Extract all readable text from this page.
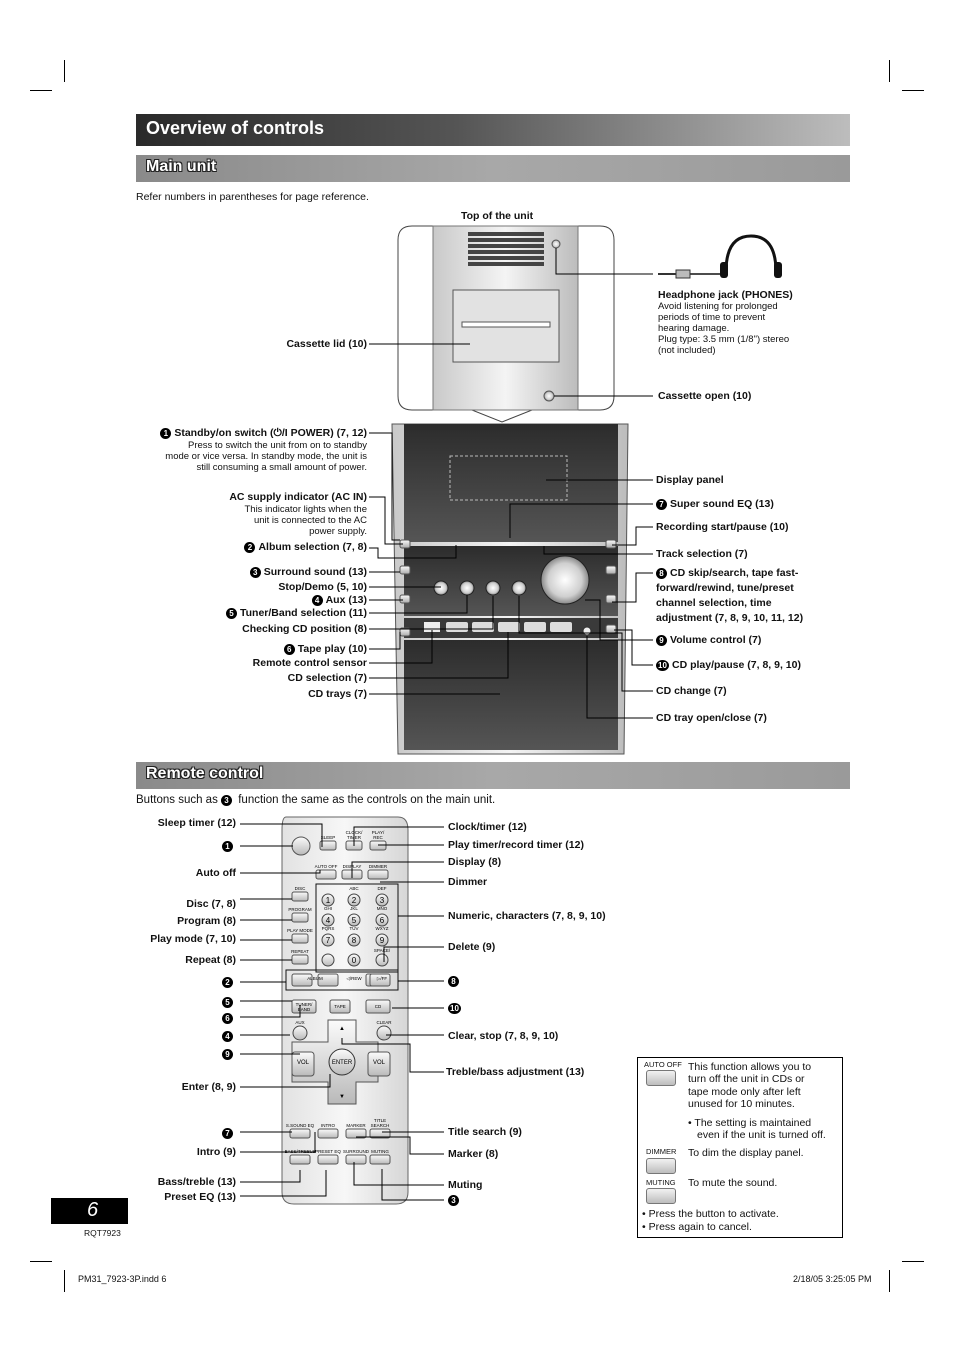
Overview of controls
Main unit
Refer numbers in parentheses for page reference.
Top of the unit
Headphone jack (PHONES)
Avoid listening for prolonged
periods of time to prevent
hearing damage.
Plug type: 3.5 mm (1/8") stereo
(not included)
Cassette lid (10)
Cassette open (10)
1 Standby/on switch (⏻/I POWER) (7, 12)
Press to switch the unit from on to standby
mode or vice versa. In standby mode, the unit is
still consuming a small amount of power.
AC supply indicator (AC IN)
This indicator lights when the
unit is connected to the AC
power supply.
2 Album selection (7, 8)
3 Surround sound (13)
Stop/Demo (5, 10)
4 Aux (13)
5 Tuner/Band selection (11)
Checking CD position (8)
6 Tape play (10)
Remote control sensor
CD selection (7)
CD trays (7)
Display panel
7 Super sound EQ (13)
Recording start/pause (10)
Track selection (7)
8 CD skip/search, tape fast-
forward/rewind, tune/preset
channel selection, time
adjustment (7, 8, 9, 10, 11, 12)
9 Volume control (7)
10 CD play/pause (7, 8, 9, 10)
CD change (7)
CD tray open/close (7)
Remote control
Buttons such as 3 function the same as the controls on the main unit.
1	2	3
4	5	6
7	8	9
0
ENTER
VOL	VOL
▲
▼
SLEEP
CLOCK/
TIMER
PLAY/
REC
AUTO OFF DISPLAY DIMMER
DISC
PROGRAM
PLAY MODE
REPEAT
ABC	DEF
GHI	JKL	MNO
PQRS	TUV	WXYZ
SPACE/
ALBUM	◁/REW	▷/FF
TUNER/
BAND
TAPE	CD
AUX	CLEAR
S.SOUND EQ INTRO	MARKER
TITLE
SEARCH
BASS/TREBLE PRESET EQ SURROUND MUTING
Sleep timer (12)
1
Auto off
Disc (7, 8)
Program (8)
Play mode (7, 10)
Repeat (8)
2
5
6
4
9
Enter (8, 9)
7
Intro (9)
Bass/treble (13)
Preset EQ (13)
Clock/timer (12)
Play timer/record timer (12)
Display (8)
Dimmer
Numeric, characters (7, 8, 9, 10)
Delete (9)
8
10
Clear, stop (7, 8, 9, 10)
Treble/bass adjustment (13)
Title search (9)
Marker (8)
Muting
3
AUTO OFF This function allows you to
turn off the unit in CDs or
tape mode only after left
unused for 10 minutes.
• The setting is maintained
even if the unit is turned off.
DIMMER To dim the display panel.
MUTING To mute the sound.
• Press the button to activate.
• Press again to cancel.
6
RQT7923
PM31_7923-3P.indd 6	2/18/05 3:25:05 PM
